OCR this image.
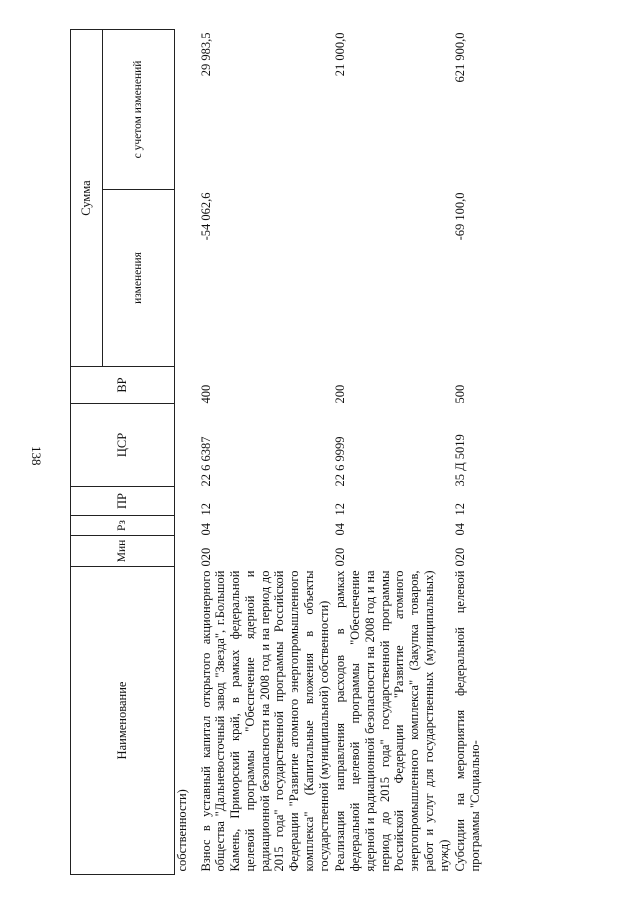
138
Наименование	Мин	Рз	ПР	ЦСР	ВР	Сумма	
						изменения	с учетом изменений
собственности)							
Взнос в уставный капитал открытого акционерного общества "Дальневосточный завод "Звезда", г.Большой Камень, Приморский край, в рамках федеральной целевой программы "Обеспечение ядерной и радиационной безопасности на 2008 год и на период до 2015 года" государственной программы Российской Федерации "Развитие атомного энергопромышленного комплекса" (Капитальные вложения в объекты государственной (муниципальной) собственности)	020	04	12	22 6 6387	400	-54 062,6	29 983,5
Реализация направления расходов в рамках федеральной целевой программы "Обеспечение ядерной и радиационной безопасности на 2008 год и на период до 2015 года" государственной программы Российской Федерации "Развитие атомного энергопромышленного комплекса" (Закупка товаров, работ и услуг для государственных (муниципальных) нужд)	020	04	12	22 6 9999	200		21 000,0
Субсидии на мероприятия федеральной целевой программы "Социально-	020	04	12	35 Д 5019	500	-69 100,0	621 900,0
